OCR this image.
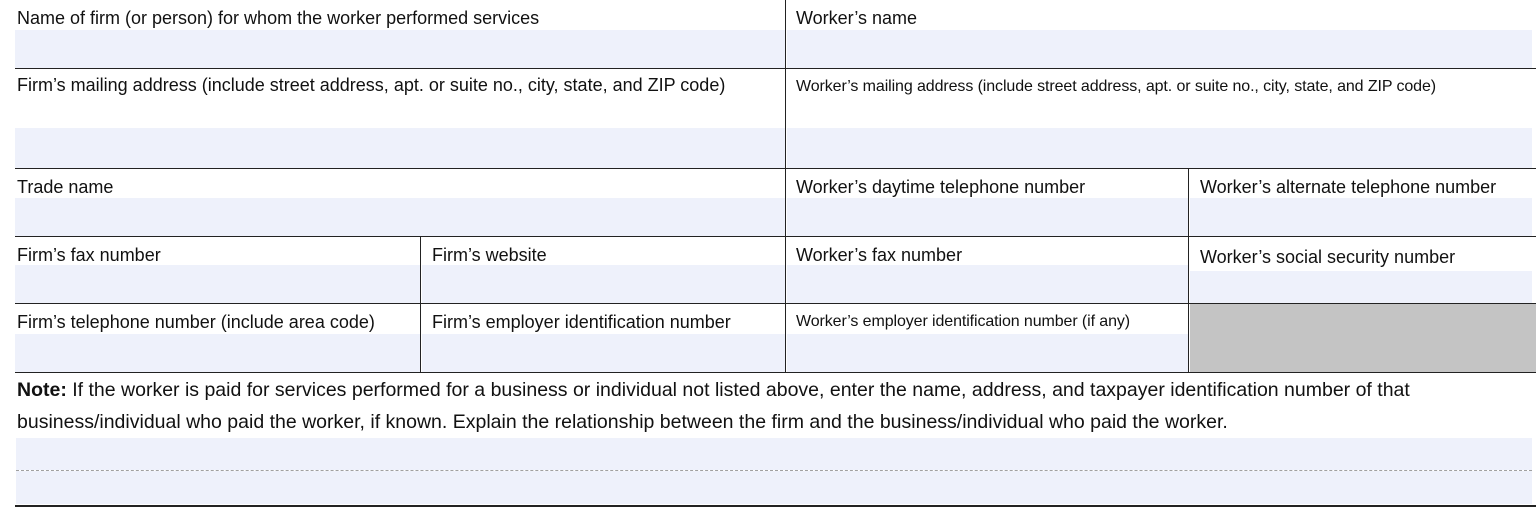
Name of firm (or person) for whom the worker performed services	Worker’s name
Firm’s mailing address (include street address, apt. or suite no., city, state, and ZIP code)	Worker’s mailing address (include street address, apt. or suite no., city, state, and ZIP code)
Trade name	Worker’s daytime telephone number	Worker’s alternate telephone number
Firm’s fax number	Firm’s website	Worker’s fax number	Worker’s social security number
Firm’s telephone number (include area code)	Firm’s employer identification number	Worker’s employer identification number (if any)
Note: If the worker is paid for services performed for a business or individual not listed above, enter the name, address, and taxpayer identification number of that business/individual who paid the worker, if known. Explain the relationship between the firm and the business/individual who paid the worker.
